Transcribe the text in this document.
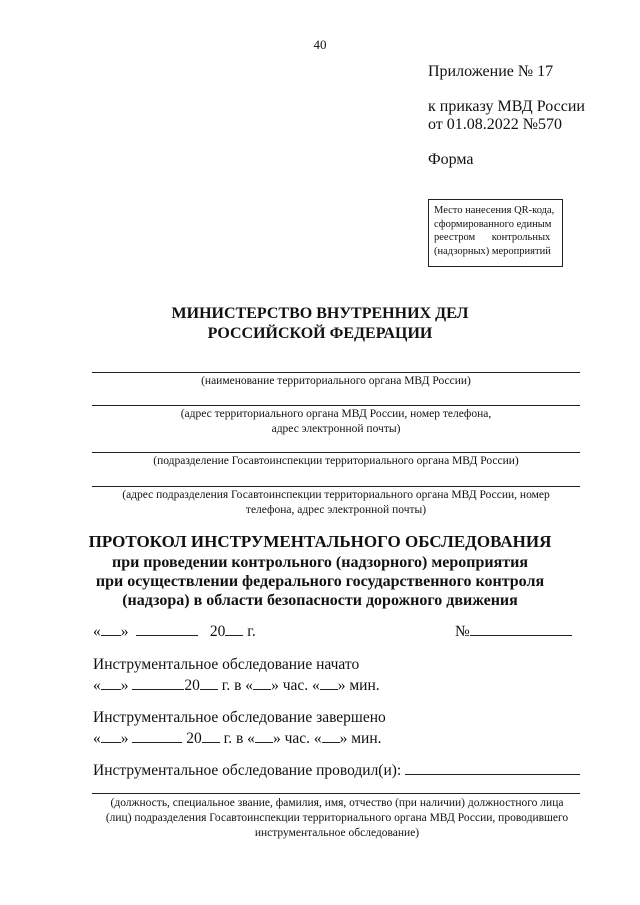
40
Приложение № 17
к приказу МВД России
от 01.08.2022 №570
Форма
Место нанесения QR-кода,
сформированного единым
реестром контрольных
(надзорных) мероприятий
МИНИСТЕРСТВО ВНУТРЕННИХ ДЕЛ
РОССИЙСКОЙ ФЕДЕРАЦИИ
(наименование территориального органа МВД России)
(адрес территориального органа МВД России, номер телефона,
адрес электронной почты)
(подразделение Госавтоинспекции территориального органа МВД России)
(адрес подразделения Госавтоинспекции территориального органа МВД России, номер
телефона, адрес электронной почты)
ПРОТОКОЛ ИНСТРУМЕНТАЛЬНОГО ОБСЛЕДОВАНИЯ
при проведении контрольного (надзорного) мероприятия
при осуществлении федерального государственного контроля
(надзора) в области безопасности дорожного движения
« »	20 г.	№
Инструментальное обследование начато
« »	20 г. в « » час. « » мин.
Инструментальное обследование завершено
« »	20 г. в « » час. « » мин.
Инструментальное обследование проводил(и):
(должность, специальное звание, фамилия, имя, отчество (при наличии) должностного лица
(лиц) подразделения Госавтоинспекции территориального органа МВД России, проводившего
инструментальное обследование)
